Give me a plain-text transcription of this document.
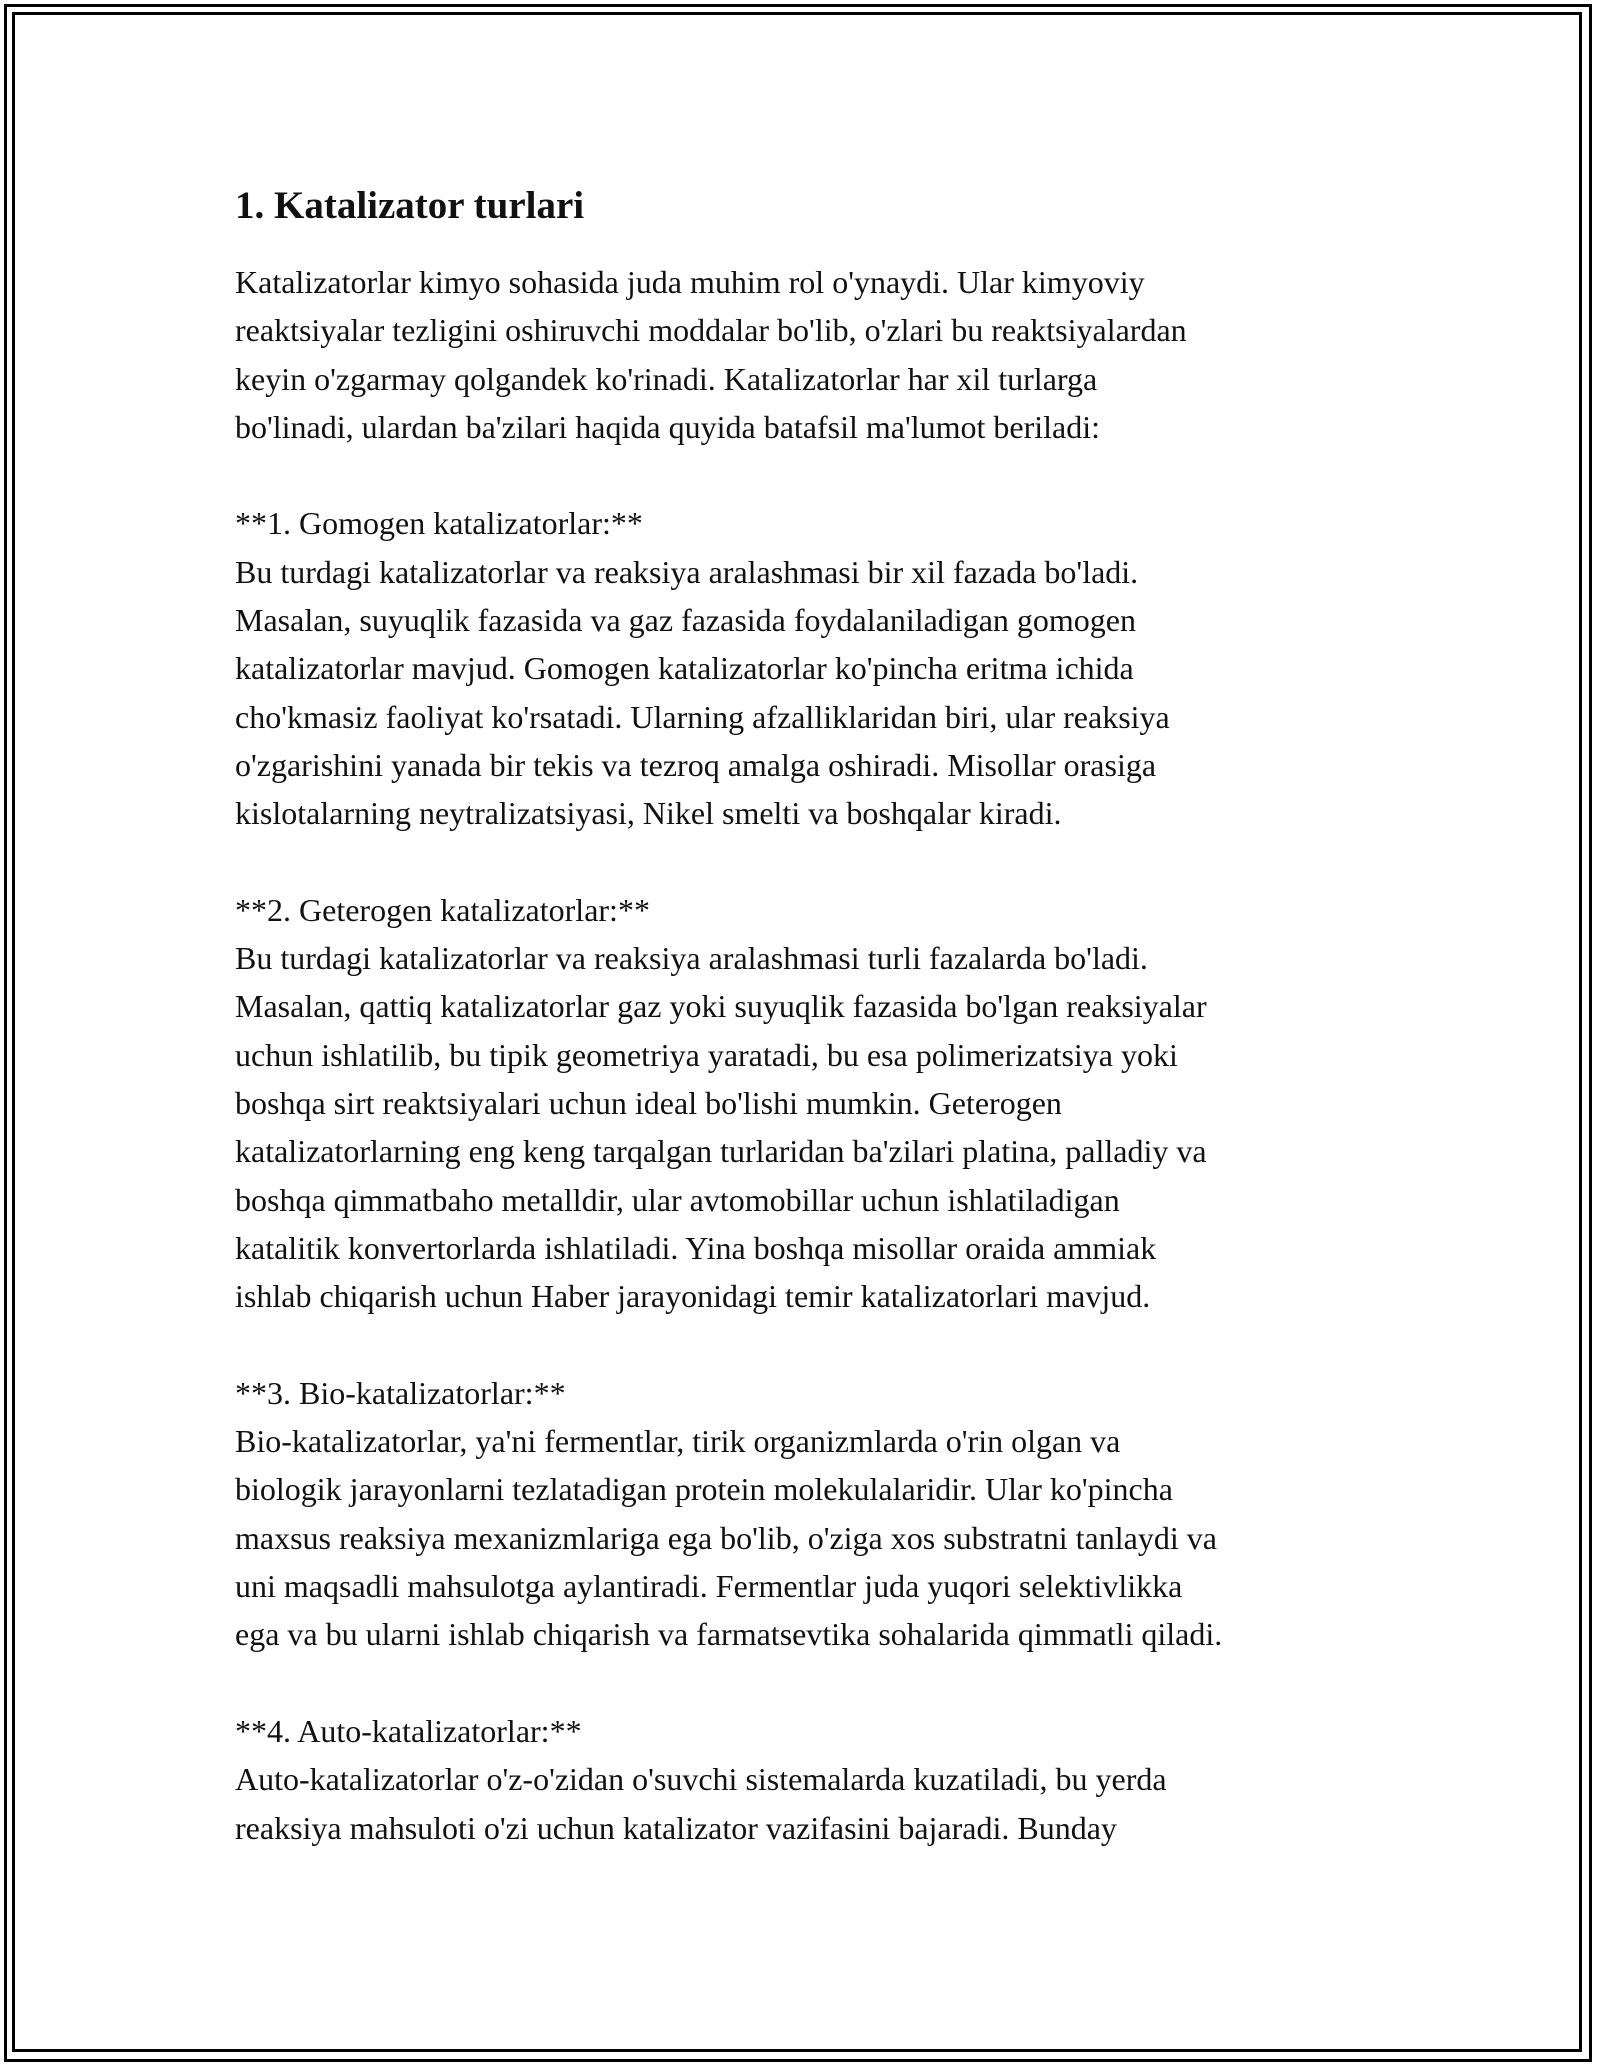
1. Katalizator turlari

Katalizatorlar kimyo sohasida juda muhim rol o'ynaydi. Ular kimyoviy
reaktsiyalar tezligini oshiruvchi moddalar bo'lib, o'zlari bu reaktsiyalardan
keyin o'zgarmay qolgandek ko'rinadi. Katalizatorlar har xil turlarga
bo'linadi, ulardan ba'zilari haqida quyida batafsil ma'lumot beriladi:

**1. Gomogen katalizatorlar:**
Bu turdagi katalizatorlar va reaksiya aralashmasi bir xil fazada bo'ladi.
Masalan, suyuqlik fazasida va gaz fazasida foydalaniladigan gomogen
katalizatorlar mavjud. Gomogen katalizatorlar ko'pincha eritma ichida
cho'kmasiz faoliyat ko'rsatadi. Ularning afzalliklaridan biri, ular reaksiya
o'zgarishini yanada bir tekis va tezroq amalga oshiradi. Misollar orasiga
kislotalarning neytralizatsiyasi, Nikel smelti va boshqalar kiradi.

**2. Geterogen katalizatorlar:**
Bu turdagi katalizatorlar va reaksiya aralashmasi turli fazalarda bo'ladi.
Masalan, qattiq katalizatorlar gaz yoki suyuqlik fazasida bo'lgan reaksiyalar
uchun ishlatilib, bu tipik geometriya yaratadi, bu esa polimerizatsiya yoki
boshqa sirt reaktsiyalari uchun ideal bo'lishi mumkin. Geterogen
katalizatorlarning eng keng tarqalgan turlaridan ba'zilari platina, palladiy va
boshqa qimmatbaho metalldir, ular avtomobillar uchun ishlatiladigan
katalitik konvertorlarda ishlatiladi. Yina boshqa misollar oraida ammiak
ishlab chiqarish uchun Haber jarayonidagi temir katalizatorlari mavjud.

**3. Bio-katalizatorlar:**
Bio-katalizatorlar, ya'ni fermentlar, tirik organizmlarda o'rin olgan va
biologik jarayonlarni tezlatadigan protein molekulalaridir. Ular ko'pincha
maxsus reaksiya mexanizmlariga ega bo'lib, o'ziga xos substratni tanlaydi va
uni maqsadli mahsulotga aylantiradi. Fermentlar juda yuqori selektivlikka
ega va bu ularni ishlab chiqarish va farmatsevtika sohalarida qimmatli qiladi.

**4. Auto-katalizatorlar:**
Auto-katalizatorlar o'z-o'zidan o'suvchi sistemalarda kuzatiladi, bu yerda
reaksiya mahsuloti o'zi uchun katalizator vazifasini bajaradi. Bunday
